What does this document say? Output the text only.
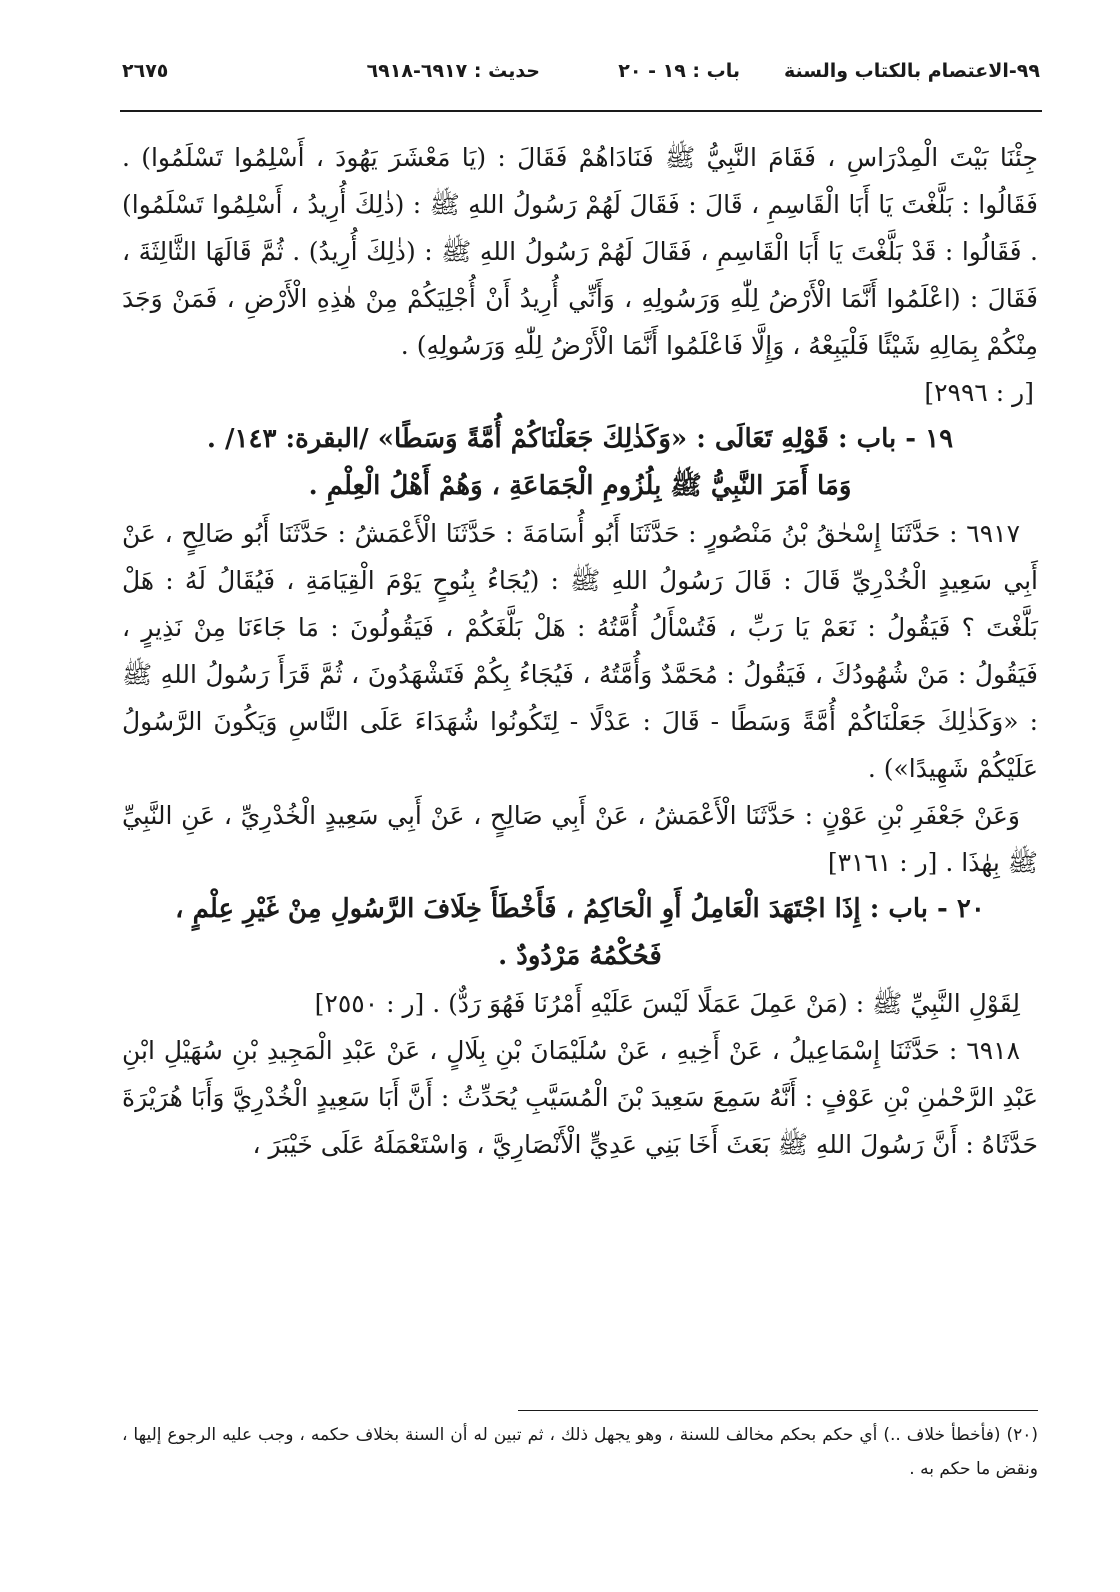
٩٩-الاعتصام بالكتاب والسنة
باب : ١٩ - ٢٠
حديث : ٦٩١٧-٦٩١٨
٢٦٧٥

جِئْنَا بَيْتَ الْمِدْرَاسِ ، فَقَامَ النَّبِيُّ ﷺ فَنَادَاهُمْ فَقَالَ : (يَا مَعْشَرَ يَهُودَ ، أَسْلِمُوا تَسْلَمُوا) . فَقَالُوا : بَلَّغْتَ يَا أَبَا الْقَاسِمِ ، قَالَ : فَقَالَ لَهُمْ رَسُولُ اللهِ ﷺ : (ذٰلِكَ أُرِيدُ ، أَسْلِمُوا تَسْلَمُوا) . فَقَالُوا : قَدْ بَلَّغْتَ يَا أَبَا الْقَاسِمِ ، فَقَالَ لَهُمْ رَسُولُ اللهِ ﷺ : (ذٰلِكَ أُرِيدُ) . ثُمَّ قَالَهَا الثَّالِثَةَ ، فَقَالَ : (اعْلَمُوا أَنَّمَا الْأَرْضُ لِلّٰهِ وَرَسُولِهِ ، وَأَنِّي أُرِيدُ أَنْ أُجْلِيَكُمْ مِنْ هٰذِهِ الْأَرْضِ ، فَمَنْ وَجَدَ مِنْكُمْ بِمَالِهِ شَيْئًا فَلْيَبِعْهُ ، وَإِلَّا فَاعْلَمُوا أَنَّمَا الْأَرْضُ لِلّٰهِ وَرَسُولِهِ) .

[ر : ٢٩٩٦]

١٩ - باب : قَوْلِهِ تَعَالَى : «وَكَذٰلِكَ جَعَلْنَاكُمْ أُمَّةً وَسَطًا» /البقرة: ١٤٣/ .

وَمَا أَمَرَ النَّبِيُّ ﷺ بِلُزُومِ الْجَمَاعَةِ ، وَهُمْ أَهْلُ الْعِلْمِ .

٦٩١٧ : حَدَّثَنَا إِسْحٰقُ بْنُ مَنْصُورٍ : حَدَّثَنَا أَبُو أُسَامَةَ : حَدَّثَنَا الْأَعْمَشُ : حَدَّثَنَا أَبُو صَالِحٍ ، عَنْ أَبِي سَعِيدٍ الْخُدْرِيِّ قَالَ : قَالَ رَسُولُ اللهِ ﷺ : (يُجَاءُ بِنُوحٍ يَوْمَ الْقِيَامَةِ ، فَيُقَالُ لَهُ : هَلْ بَلَّغْتَ ؟ فَيَقُولُ : نَعَمْ يَا رَبِّ ، فَتُسْأَلُ أُمَّتُهُ : هَلْ بَلَّغَكُمْ ، فَيَقُولُونَ : مَا جَاءَنَا مِنْ نَذِيرٍ ، فَيَقُولُ : مَنْ شُهُودُكَ ، فَيَقُولُ : مُحَمَّدٌ وَأُمَّتُهُ ، فَيُجَاءُ بِكُمْ فَتَشْهَدُونَ ، ثُمَّ قَرَأَ رَسُولُ اللهِ ﷺ : «وَكَذٰلِكَ جَعَلْنَاكُمْ أُمَّةً وَسَطًا - قَالَ : عَدْلًا - لِتَكُونُوا شُهَدَاءَ عَلَى النَّاسِ وَيَكُونَ الرَّسُولُ عَلَيْكُمْ شَهِيدًا») .

وَعَنْ جَعْفَرِ بْنِ عَوْنٍ : حَدَّثَنَا الْأَعْمَشُ ، عَنْ أَبِي صَالِحٍ ، عَنْ أَبِي سَعِيدٍ الْخُدْرِيِّ ، عَنِ النَّبِيِّ ﷺ بِهٰذَا . [ر : ٣١٦١]

٢٠ - باب : إِذَا اجْتَهَدَ الْعَامِلُ أَوِ الْحَاكِمُ ، فَأَخْطَأَ خِلَافَ الرَّسُولِ مِنْ غَيْرِ عِلْمٍ ،

فَحُكْمُهُ مَرْدُودٌ .

لِقَوْلِ النَّبِيِّ ﷺ : (مَنْ عَمِلَ عَمَلًا لَيْسَ عَلَيْهِ أَمْرُنَا فَهُوَ رَدٌّ) . [ر : ٢٥٥٠]

٦٩١٨ : حَدَّثَنَا إِسْمَاعِيلُ ، عَنْ أَخِيهِ ، عَنْ سُلَيْمَانَ بْنِ بِلَالٍ ، عَنْ عَبْدِ الْمَجِيدِ بْنِ سُهَيْلِ ابْنِ عَبْدِ الرَّحْمٰنِ بْنِ عَوْفٍ : أَنَّهُ سَمِعَ سَعِيدَ بْنَ الْمُسَيَّبِ يُحَدِّثُ : أَنَّ أَبَا سَعِيدٍ الْخُدْرِيَّ وَأَبَا هُرَيْرَةَ حَدَّثَاهُ : أَنَّ رَسُولَ اللهِ ﷺ بَعَثَ أَخَا بَنِي عَدِيٍّ الْأَنْصَارِيَّ ، وَاسْتَعْمَلَهُ عَلَى خَيْبَرَ ،

(٢٠) (فأخطأ خلاف ..) أي حكم بحكم مخالف للسنة ، وهو يجهل ذلك ، ثم تبين له أن السنة بخلاف حكمه ، وجب عليه الرجوع إليها ، ونقض ما حكم به .
